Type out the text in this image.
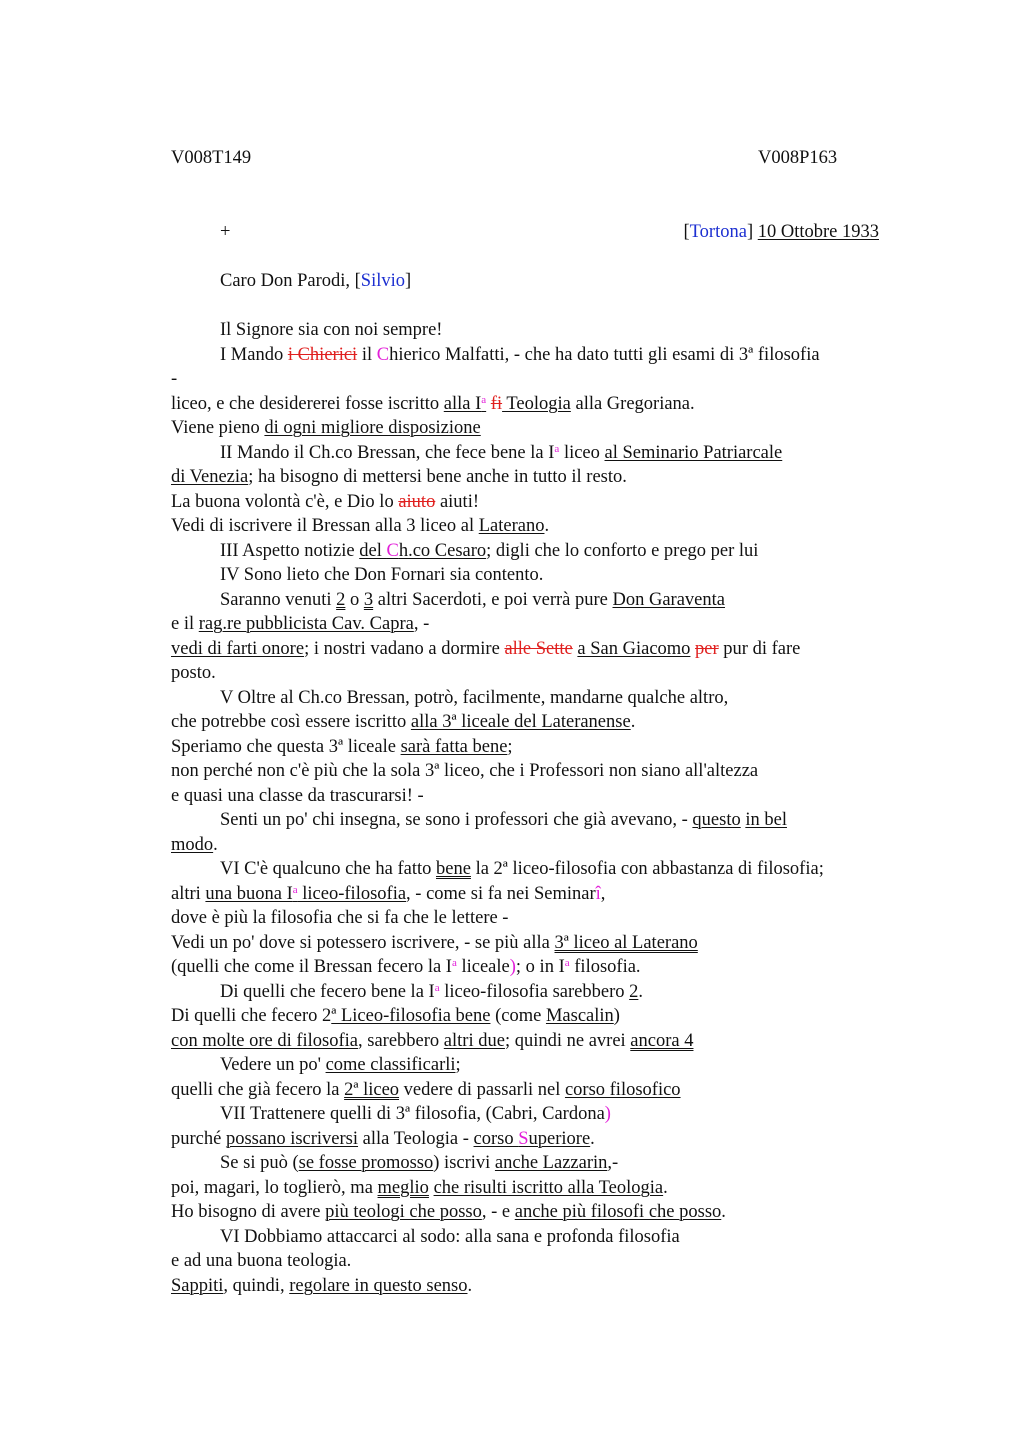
V008T149	V008P163
+	[Tortona] 10 Ottobre 1933
Caro Don Parodi, [Silvio]
Il Signore sia con noi sempre!
I Mando i Chierici il Chierico Malfatti, - che ha dato tutti gli esami di 3ª filosofia
-
liceo, e che desidererei fosse iscritto alla $I^a$ fi Teologia alla Gregoriana.
Viene pieno di ogni migliore disposizione
II Mando il Ch.co Bressan, che fece bene la $I^a$ liceo al Seminario Patriarcale
di Venezia; ha bisogno di mettersi bene anche in tutto il resto.
La buona volontà c'è, e Dio lo aiuto aiuti!
Vedi di iscrivere il Bressan alla 3 liceo al Laterano.
III Aspetto notizie del Ch.co Cesaro; digli che lo conforto e prego per lui
IV Sono lieto che Don Fornari sia contento.
Saranno venuti 2 o 3 altri Sacerdoti, e poi verrà pure Don Garaventa
e il rag.re pubblicista Cav. Capra, -
vedi di farti onore; i nostri vadano a dormire alle Sette a San Giacomo per pur di fare
posto.
V Oltre al Ch.co Bressan, potrò, facilmente, mandarne qualche altro,
che potrebbe così essere iscritto alla 3ª liceale del Lateranense.
Speriamo che questa 3ª liceale sarà fatta bene;
non perché non c'è più che la sola 3ª liceo, che i Professori non siano all'altezza
e quasi una classe da trascurarsi! -
Senti un po' chi insegna, se sono i professori che già avevano, - questo in bel
modo.
VI C'è qualcuno che ha fatto bene la 2ª liceo-filosofia con abbastanza di filosofia;
altri una buona $I^a$ liceo-filosofia, - come si fa nei Seminarî,
dove è più la filosofia che si fa che le lettere -
Vedi un po' dove si potessero iscrivere, - se più alla 3ª liceo al Laterano
(quelli che come il Bressan fecero la $I^a$ liceale); o in $I^a$ filosofia.
Di quelli che fecero bene la $I^a$ liceo-filosofia sarebbero 2.
Di quelli che fecero 2ª Liceo-filosofia bene (come Mascalin)
con molte ore di filosofia, sarebbero altri due; quindi ne avrei ancora 4
Vedere un po' come classificarli;
quelli che già fecero la 2ª liceo vedere di passarli nel corso filosofico
VII Trattenere quelli di 3ª filosofia, (Cabri, Cardona)
purché possano iscriversi alla Teologia - corso Superiore.
Se si può (se fosse promosso) iscrivi anche Lazzarin,-
poi, magari, lo toglierò, ma meglio che risulti iscritto alla Teologia.
Ho bisogno di avere più teologi che posso, - e anche più filosofi che posso.
VI Dobbiamo attaccarci al sodo: alla sana e profonda filosofia
e ad una buona teologia.
Sappiti, quindi, regolare in questo senso.
